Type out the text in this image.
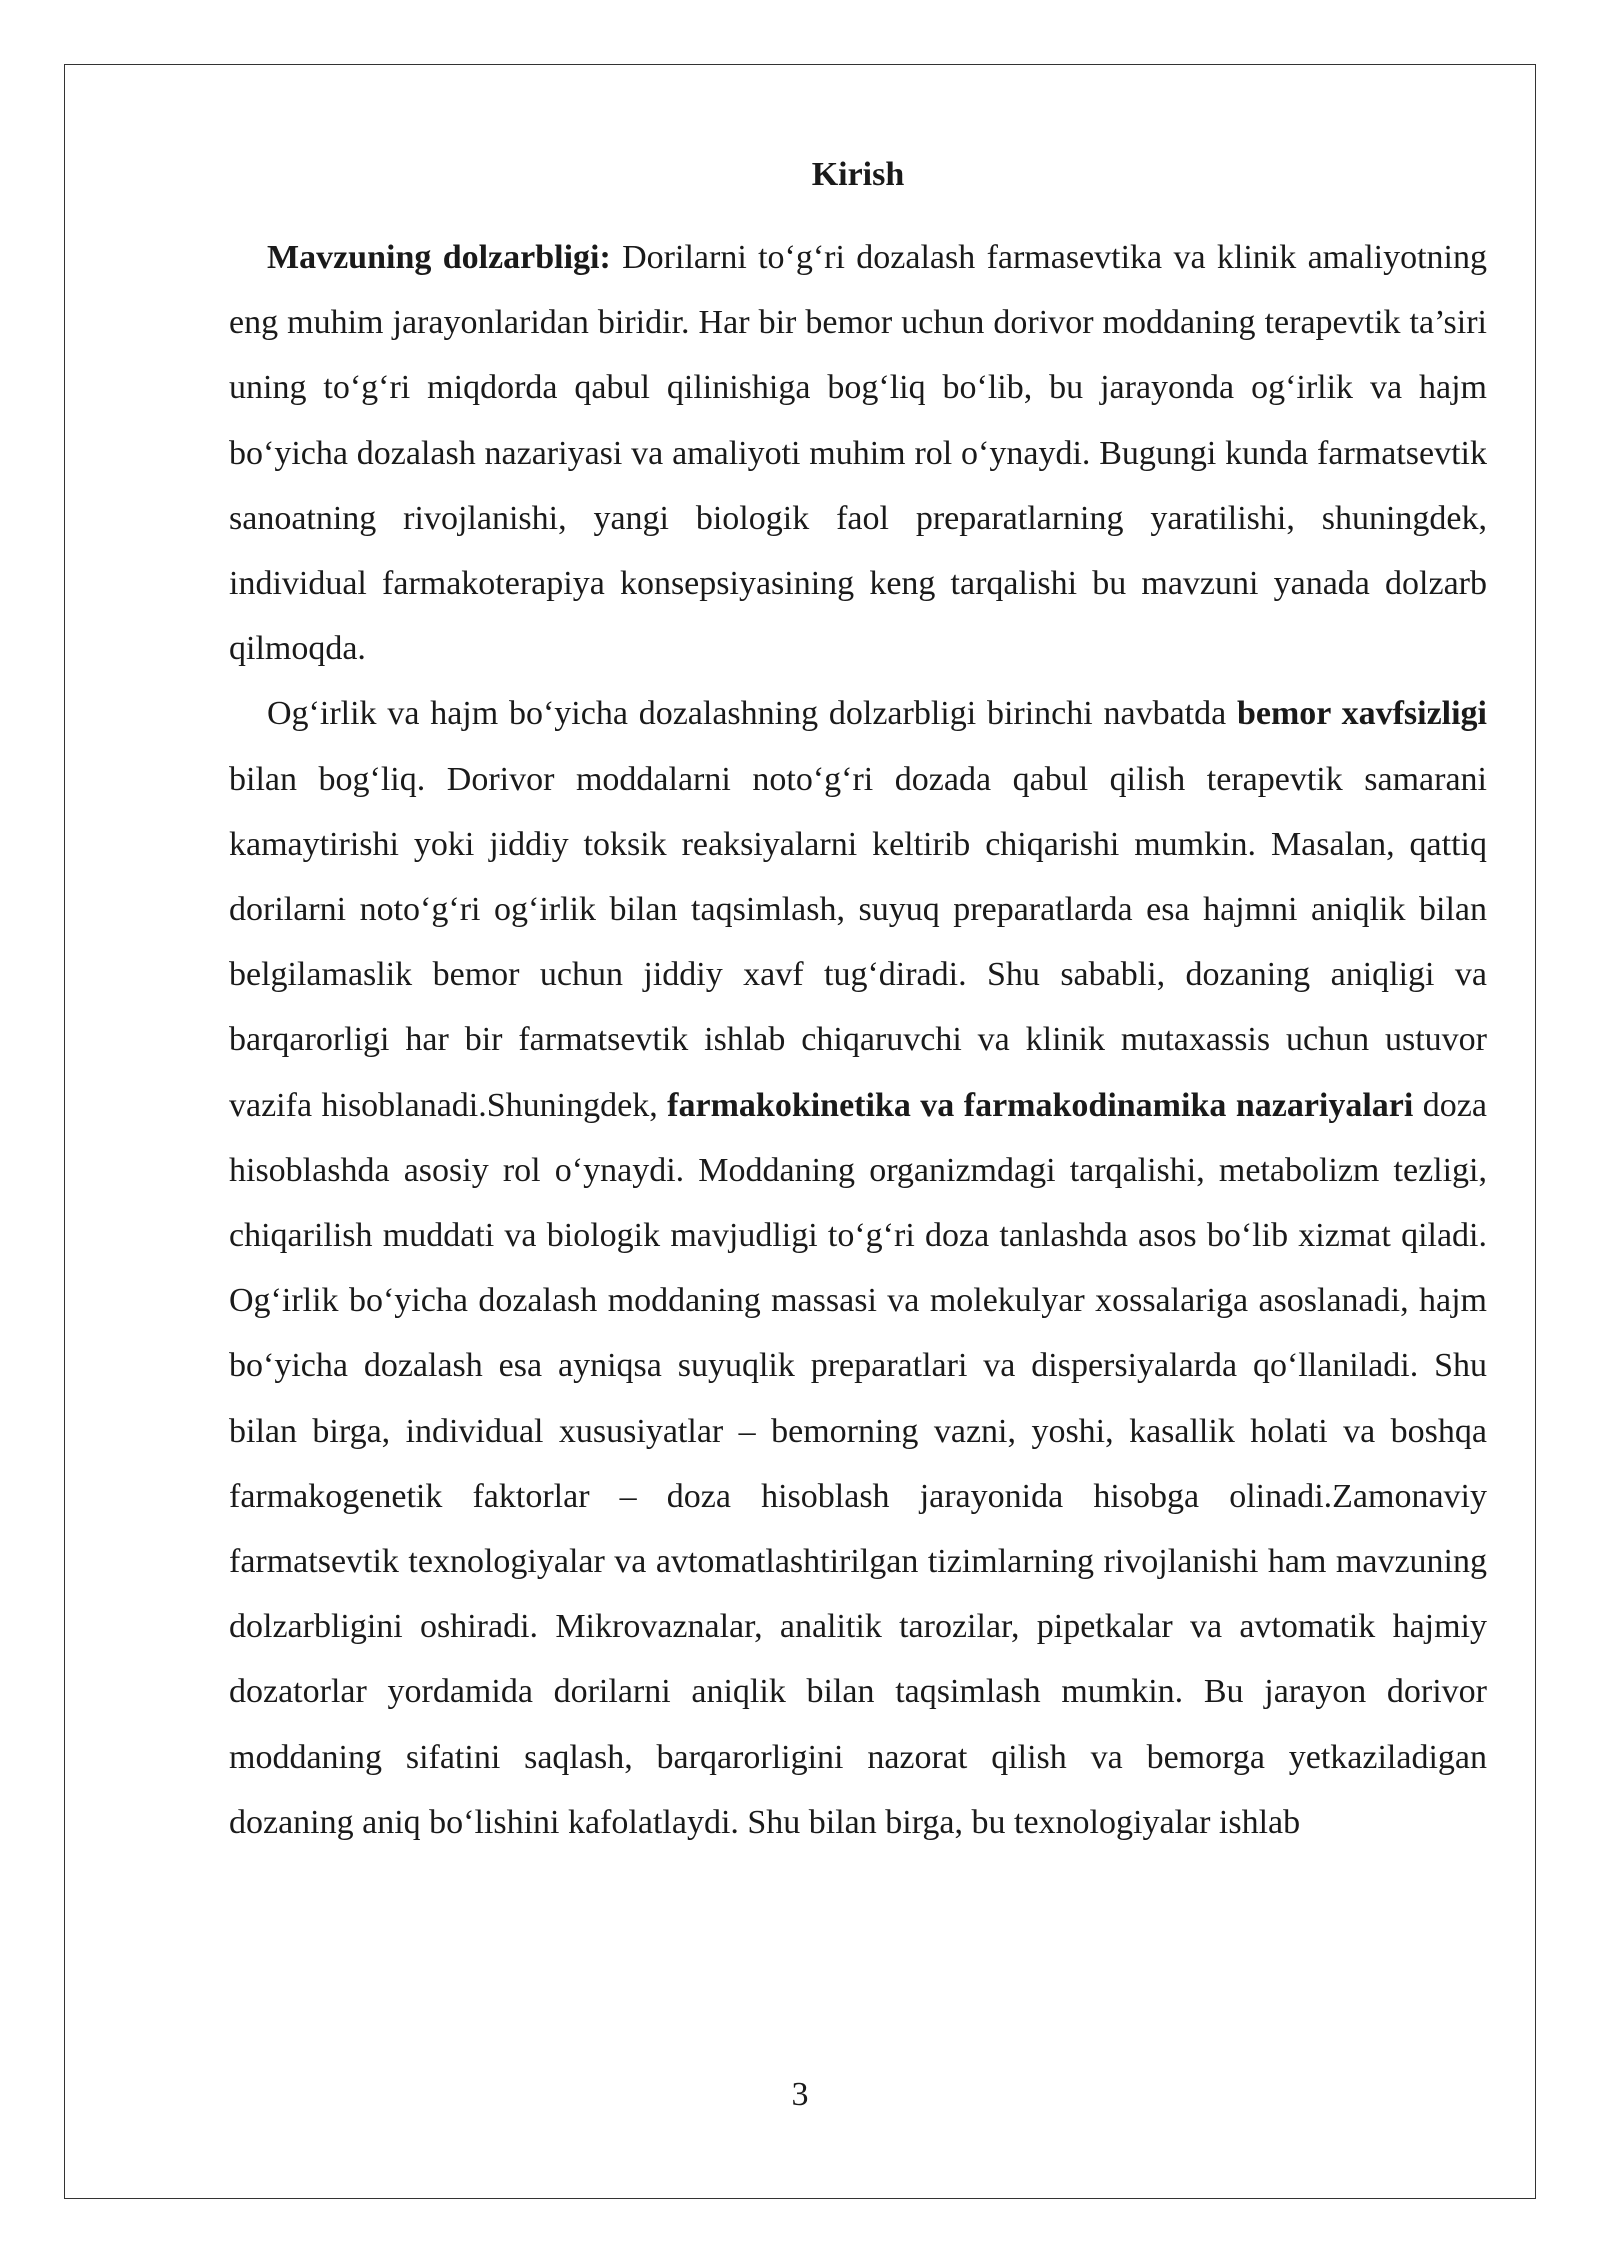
Kirish

Mavzuning dolzarbligi: Dorilarni to‘g‘ri dozalash farmasevtika va klinik amaliyotning eng muhim jarayonlaridan biridir. Har bir bemor uchun dorivor moddaning terapevtik ta’siri uning to‘g‘ri miqdorda qabul qilinishiga bog‘liq bo‘lib, bu jarayonda og‘irlik va hajm bo‘yicha dozalash nazariyasi va amaliyoti muhim rol o‘ynaydi. Bugungi kunda farmatsevtik sanoatning rivojlanishi, yangi biologik faol preparatlarning yaratilishi, shuningdek, individual farmakoterapiya konsepsiyasining keng tarqalishi bu mavzuni yanada dolzarb qilmoqda.

Og‘irlik va hajm bo‘yicha dozalashning dolzarbligi birinchi navbatda bemor xavfsizligi bilan bog‘liq. Dorivor moddalarni noto‘g‘ri dozada qabul qilish terapevtik samarani kamaytirishi yoki jiddiy toksik reaksiyalarni keltirib chiqarishi mumkin. Masalan, qattiq dorilarni noto‘g‘ri og‘irlik bilan taqsimlash, suyuq preparatlarda esa hajmni aniqlik bilan belgilamaslik bemor uchun jiddiy xavf tug‘diradi. Shu sababli, dozaning aniqligi va barqarorligi har bir farmatsevtik ishlab chiqaruvchi va klinik mutaxassis uchun ustuvor vazifa hisoblanadi.Shuningdek, farmakokinetika va farmakodinamika nazariyalari doza hisoblashda asosiy rol o‘ynaydi. Moddaning organizmdagi tarqalishi, metabolizm tezligi, chiqarilish muddati va biologik mavjudligi to‘g‘ri doza tanlashda asos bo‘lib xizmat qiladi. Og‘irlik bo‘yicha dozalash moddaning massasi va molekulyar xossalariga asoslanadi, hajm bo‘yicha dozalash esa ayniqsa suyuqlik preparatlari va dispersiyalarda qo‘llaniladi. Shu bilan birga, individual xususiyatlar – bemorning vazni, yoshi, kasallik holati va boshqa farmakogenetik faktorlar – doza hisoblash jarayonida hisobga olinadi.Zamonaviy farmatsevtik texnologiyalar va avtomatlashtirilgan tizimlarning rivojlanishi ham mavzuning dolzarbligini oshiradi. Mikrovaznalar, analitik tarozilar, pipetkalar va avtomatik hajmiy dozatorlar yordamida dorilarni aniqlik bilan taqsimlash mumkin. Bu jarayon dorivor moddaning sifatini saqlash, barqarorligini nazorat qilish va bemorga yetkaziladigan dozaning aniq bo‘lishini kafolatlaydi. Shu bilan birga, bu texnologiyalar ishlab

3
